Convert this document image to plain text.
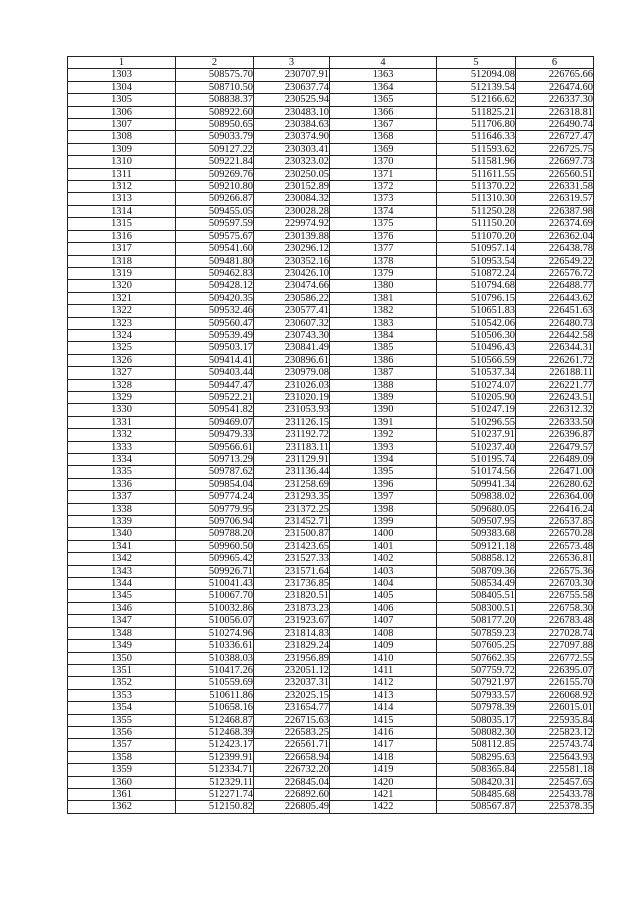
1	2	3	4	5	6
1303	508575.70	230707.91	1363	512094.08	226765.66
1304	508710.50	230637.74	1364	512139.54	226474.60
1305	508838.37	230525.94	1365	512166.62	226337.30
1306	508922.60	230483.10	1366	511825.21	226318.81
1307	508950.65	230384.63	1367	511706.80	226490.74
1308	509033.79	230374.90	1368	511646.33	226727.47
1309	509127.22	230303.41	1369	511593.62	226725.75
1310	509221.84	230323.02	1370	511581.96	226697.73
1311	509269.76	230250.05	1371	511611.55	226560.51
1312	509210.80	230152.89	1372	511370.22	226331.58
1313	509266.87	230084.32	1373	511310.30	226319.57
1314	509455.05	230028.28	1374	511250.28	226387.98
1315	509597.59	229974.92	1375	511150.20	226374.69
1316	509575.67	230139.88	1376	511070.20	226362.04
1317	509541.60	230296.12	1377	510957.14	226438.78
1318	509481.80	230352.16	1378	510953.54	226549.22
1319	509462.83	230426.10	1379	510872.24	226576.72
1320	509428.12	230474.66	1380	510794.68	226488.77
1321	509420.35	230586.22	1381	510796.15	226443.62
1322	509532.46	230577.41	1382	510651.83	226451.63
1323	509560.47	230607.32	1383	510542.06	226480.73
1324	509539.49	230743.30	1384	510506.30	226442.58
1325	509503.17	230841.49	1385	510496.43	226344.31
1326	509414.41	230896.61	1386	510566.59	226261.72
1327	509403.44	230979.08	1387	510537.34	226188.11
1328	509447.47	231026.03	1388	510274.07	226221.77
1329	509522.21	231020.19	1389	510205.90	226243.51
1330	509541.82	231053.93	1390	510247.19	226312.32
1331	509469.07	231126.15	1391	510296.55	226333.50
1332	509479.33	231192.72	1392	510237.91	226396.87
1333	509566.61	231183.11	1393	510237.40	226479.57
1334	509713.29	231129.91	1394	510195.74	226489.09
1335	509787.62	231136.44	1395	510174.56	226471.00
1336	509854.04	231258.69	1396	509941.34	226280.62
1337	509774.24	231293.35	1397	509838.02	226364.00
1338	509779.95	231372.25	1398	509680.05	226416.24
1339	509706.94	231452.71	1399	509507.95	226537.85
1340	509788.20	231500.87	1400	509383.68	226570.28
1341	509960.50	231423.65	1401	509121.18	226573.48
1342	509965.42	231527.33	1402	508858.12	226536.81
1343	509926.71	231571.64	1403	508709.36	226575.36
1344	510041.43	231736.85	1404	508534.49	226703.30
1345	510067.70	231820.51	1405	508405.51	226755.58
1346	510032.86	231873.23	1406	508300.51	226758.30
1347	510056.07	231923.67	1407	508177.20	226783.48
1348	510274.96	231814.83	1408	507859.23	227028.74
1349	510336.61	231829.24	1409	507605.25	227097.88
1350	510388.03	231956.89	1410	507662.35	226772.55
1351	510417.26	232051.12	1411	507759.72	226395.07
1352	510559.69	232037.31	1412	507921.97	226155.70
1353	510611.86	232025.15	1413	507933.57	226068.92
1354	510658.16	231654.77	1414	507978.39	226015.01
1355	512468.87	226715.63	1415	508035.17	225935.84
1356	512468.39	226583.25	1416	508082.30	225823.12
1357	512423.17	226561.71	1417	508112.85	225743.74
1358	512399.91	226658.94	1418	508295.63	225643.93
1359	512334.71	226732.20	1419	508365.84	225581.18
1360	512329.11	226845.04	1420	508420.31	225457.65
1361	512271.74	226892.60	1421	508485.68	225433.78
1362	512150.82	226805.49	1422	508567.87	225378.35
